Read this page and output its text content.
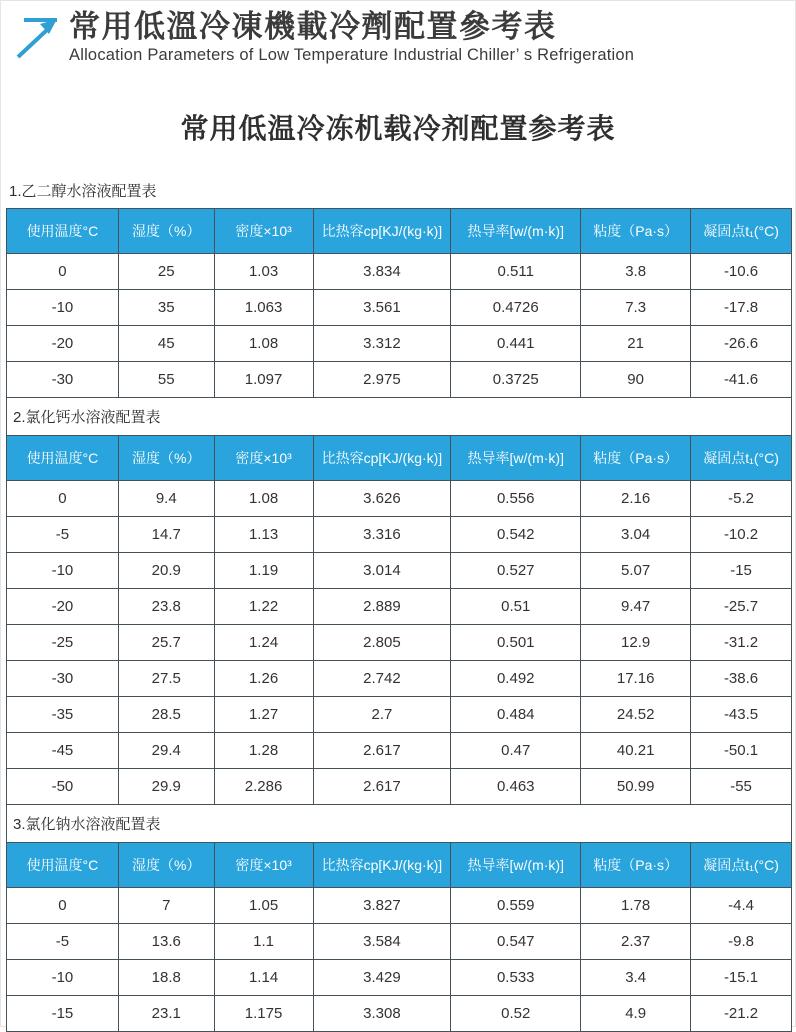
常用低溫冷凍機載冷劑配置參考表

Allocation Parameters of Low Temperature Industrial Chiller’ s Refrigeration

常用低温冷冻机载冷剂配置参考表
1.乙二醇水溶液配置表
使用温度°C	湿度（%）	密度×10³	比热容cp[KJ/(kg·k)]	热导率[w/(m·k)]	粘度（Pa·s）	凝固点t₁(°C)
0	25	1.03	3.834	0.511	3.8	-10.6
-10	35	1.063	3.561	0.4726	7.3	-17.8
-20	45	1.08	3.312	0.441	21	-26.6
-30	55	1.097	2.975	0.3725	90	-41.6
2.氯化钙水溶液配置表						
使用温度°C	湿度（%）	密度×10³	比热容cp[KJ/(kg·k)]	热导率[w/(m·k)]	粘度（Pa·s）	凝固点t₁(°C)
0	9.4	1.08	3.626	0.556	2.16	-5.2
-5	14.7	1.13	3.316	0.542	3.04	-10.2
-10	20.9	1.19	3.014	0.527	5.07	-15
-20	23.8	1.22	2.889	0.51	9.47	-25.7
-25	25.7	1.24	2.805	0.501	12.9	-31.2
-30	27.5	1.26	2.742	0.492	17.16	-38.6
-35	28.5	1.27	2.7	0.484	24.52	-43.5
-45	29.4	1.28	2.617	0.47	40.21	-50.1
-50	29.9	2.286	2.617	0.463	50.99	-55
3.氯化钠水溶液配置表						
使用温度°C	湿度（%）	密度×10³	比热容cp[KJ/(kg·k)]	热导率[w/(m·k)]	粘度（Pa·s）	凝固点t₁(°C)
0	7	1.05	3.827	0.559	1.78	-4.4
-5	13.6	1.1	3.584	0.547	2.37	-9.8
-10	18.8	1.14	3.429	0.533	3.4	-15.1
-15	23.1	1.175	3.308	0.52	4.9	-21.2
